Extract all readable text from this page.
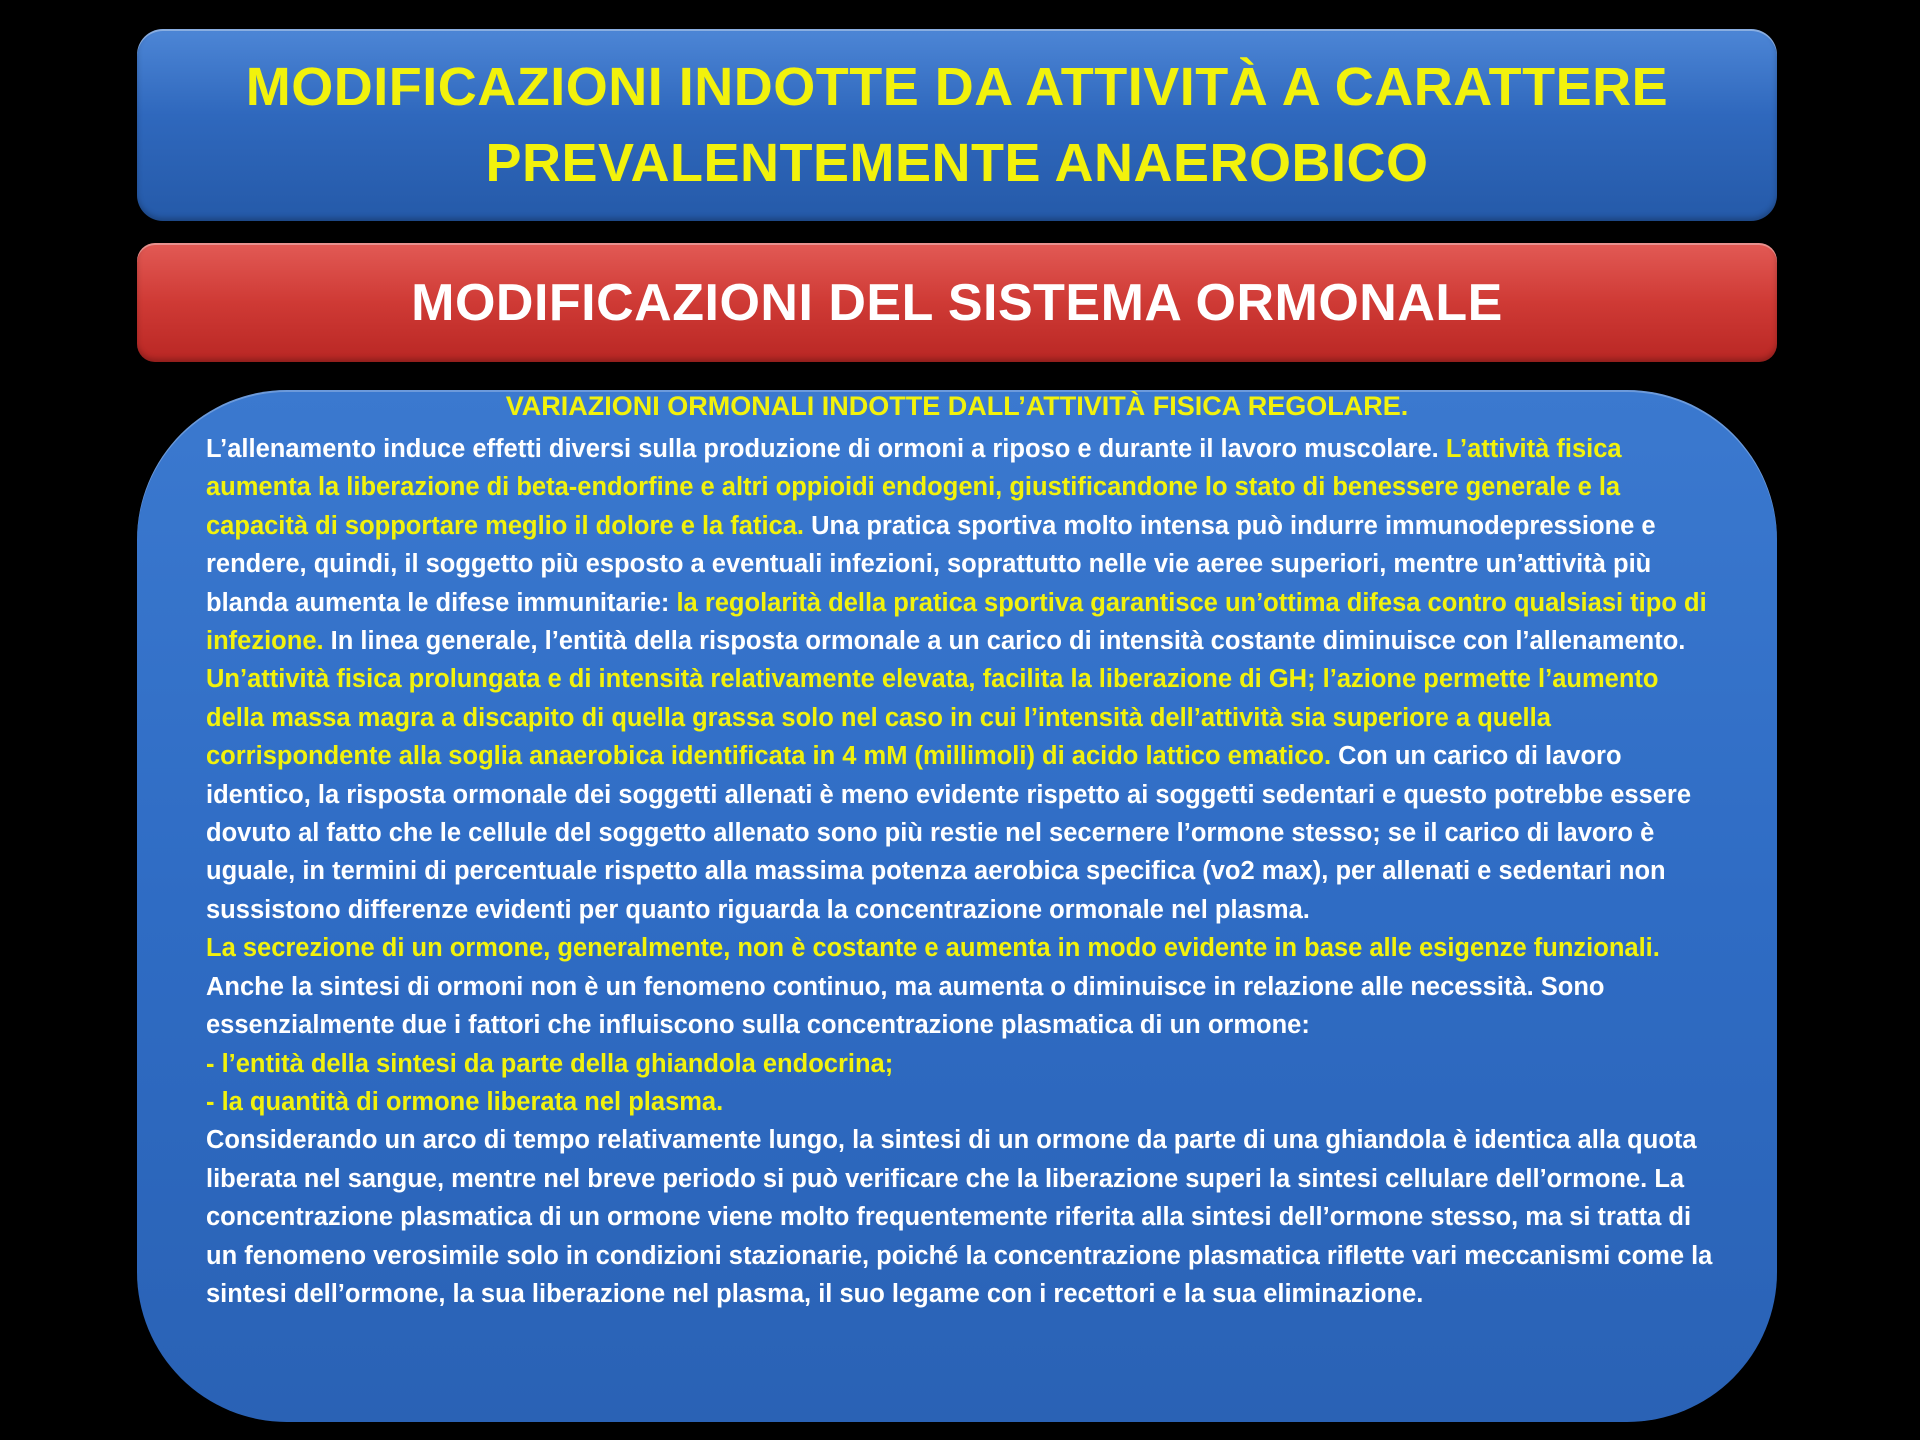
MODIFICAZIONI INDOTTE DA ATTIVITÀ A CARATTERE
PREVALENTEMENTE ANAEROBICO
MODIFICAZIONI DEL SISTEMA ORMONALE
VARIAZIONI ORMONALI INDOTTE DALL’ATTIVITÀ FISICA REGOLARE.
L’allenamento induce effetti diversi sulla produzione di ormoni a riposo e durante il lavoro muscolare. L’attività fisica aumenta la liberazione di beta-endorfine e altri oppioidi endogeni, giustificandone lo stato di benessere generale e la capacità di sopportare meglio il dolore e la fatica. Una pratica sportiva molto intensa può indurre immunodepressione e rendere, quindi, il soggetto più esposto a eventuali infezioni, soprattutto nelle vie aeree superiori, mentre un’attività più blanda aumenta le difese immunitarie: la regolarità della pratica sportiva garantisce un’ottima difesa contro qualsiasi tipo di infezione. In linea generale, l’entità della risposta ormonale a un carico di intensità costante diminuisce con l’allenamento. Un’attività fisica prolungata e di intensità relativamente elevata, facilita la liberazione di GH; l’azione permette l’aumento della massa magra a discapito di quella grassa solo nel caso in cui l’intensità dell’attività sia superiore a quella corrispondente alla soglia anaerobica identificata in 4 mM (millimoli) di acido lattico ematico. Con un carico di lavoro identico, la risposta ormonale dei soggetti allenati è meno evidente rispetto ai soggetti sedentari e questo potrebbe essere dovuto al fatto che le cellule del soggetto allenato sono più restie nel secernere l’ormone stesso; se il carico di lavoro è uguale, in termini di percentuale rispetto alla massima potenza aerobica specifica (vo2 max), per allenati e sedentari non sussistono differenze evidenti per quanto riguarda la concentrazione ormonale nel plasma.
La secrezione di un ormone, generalmente, non è costante e aumenta in modo evidente in base alle esigenze funzionali. Anche la sintesi di ormoni non è un fenomeno continuo, ma aumenta o diminuisce in relazione alle necessità. Sono essenzialmente due i fattori che influiscono sulla concentrazione plasmatica di un ormone:
- l’entità della sintesi da parte della ghiandola endocrina;
- la quantità di ormone liberata nel plasma.
Considerando un arco di tempo relativamente lungo, la sintesi di un ormone da parte di una ghiandola è identica alla quota liberata nel sangue, mentre nel breve periodo si può verificare che la liberazione superi la sintesi cellulare dell’ormone. La concentrazione plasmatica di un ormone viene molto frequentemente riferita alla sintesi dell’ormone stesso, ma si tratta di un fenomeno verosimile solo in condizioni stazionarie, poiché la concentrazione plasmatica riflette vari meccanismi come la sintesi dell’ormone, la sua liberazione nel plasma, il suo legame con i recettori e la sua eliminazione.
